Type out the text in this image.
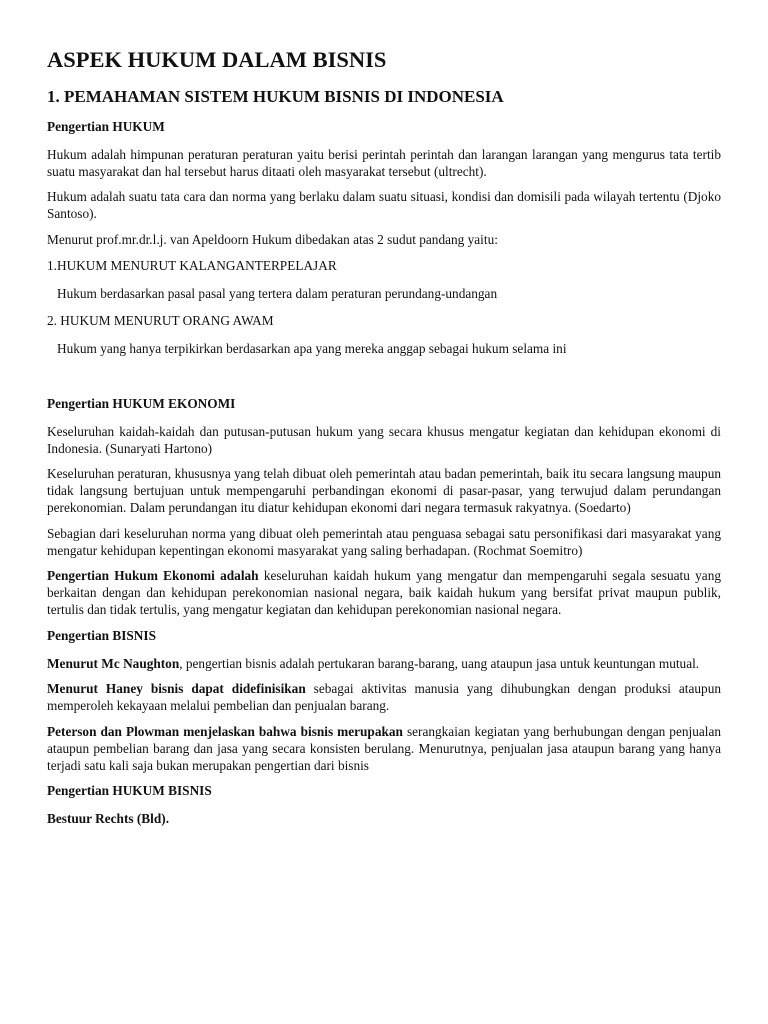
ASPEK HUKUM DALAM BISNIS
1. PEMAHAMAN SISTEM HUKUM BISNIS DI INDONESIA

Pengertian HUKUM

Hukum adalah himpunan peraturan peraturan yaitu berisi perintah perintah dan larangan larangan yang mengurus tata tertib suatu masyarakat dan hal tersebut harus ditaati oleh masyarakat tersebut (ultrecht).

Hukum adalah suatu tata cara dan norma yang berlaku dalam suatu situasi, kondisi dan domisili pada wilayah tertentu (Djoko Santoso).

Menurut prof.mr.dr.l.j. van Apeldoorn Hukum dibedakan atas 2 sudut pandang yaitu:

1.HUKUM MENURUT KALANGANTERPELAJAR

Hukum berdasarkan pasal pasal yang tertera dalam peraturan perundang-undangan

2. HUKUM MENURUT ORANG AWAM

Hukum yang hanya terpikirkan berdasarkan apa yang mereka anggap sebagai hukum selama ini

Pengertian HUKUM EKONOMI

Keseluruhan kaidah-kaidah dan putusan-putusan hukum yang secara khusus mengatur kegiatan dan kehidupan ekonomi di Indonesia. (Sunaryati Hartono)

Keseluruhan peraturan, khususnya yang telah dibuat oleh pemerintah atau badan pemerintah, baik itu secara langsung maupun tidak langsung bertujuan untuk mempengaruhi perbandingan ekonomi di pasar-pasar, yang terwujud dalam perundangan perekonomian. Dalam perundangan itu diatur kehidupan ekonomi dari negara termasuk rakyatnya. (Soedarto)

Sebagian dari keseluruhan norma yang dibuat oleh pemerintah atau penguasa sebagai satu personifikasi dari masyarakat yang mengatur kehidupan kepentingan ekonomi masyarakat yang saling berhadapan. (Rochmat Soemitro)

Pengertian Hukum Ekonomi adalah keseluruhan kaidah hukum yang mengatur dan mempengaruhi segala sesuatu yang berkaitan dengan dan kehidupan perekonomian nasional negara, baik kaidah hukum yang bersifat privat maupun publik, tertulis dan tidak tertulis, yang mengatur kegiatan dan kehidupan perekonomian nasional negara.

Pengertian BISNIS

Menurut Mc Naughton, pengertian bisnis adalah pertukaran barang-barang, uang ataupun jasa untuk keuntungan mutual.

Menurut Haney bisnis dapat didefinisikan sebagai aktivitas manusia yang dihubungkan dengan produksi ataupun memperoleh kekayaan melalui pembelian dan penjualan barang.

Peterson dan Plowman menjelaskan bahwa bisnis merupakan serangkaian kegiatan yang berhubungan dengan penjualan ataupun pembelian barang dan jasa yang secara konsisten berulang. Menurutnya, penjualan jasa ataupun barang yang hanya terjadi satu kali saja bukan merupakan pengertian dari bisnis

Pengertian HUKUM BISNIS

Bestuur Rechts (Bld).
